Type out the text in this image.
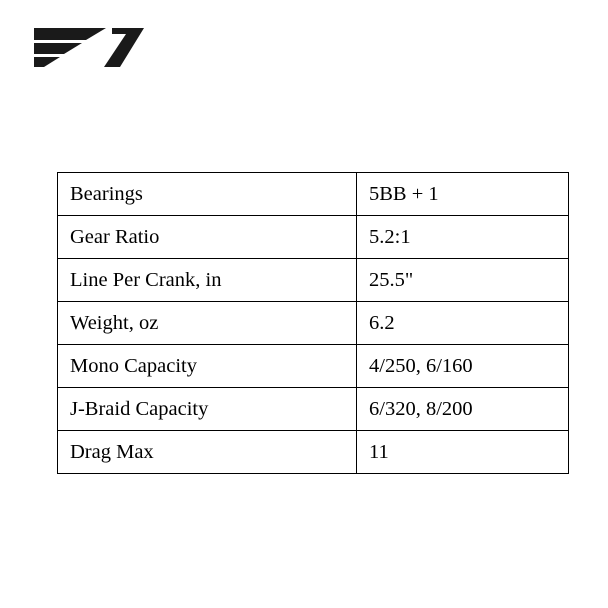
Bearings	5BB + 1
Gear Ratio	5.2:1
Line Per Crank, in	25.5"
Weight, oz	6.2
Mono Capacity	4/250, 6/160
J-Braid Capacity	6/320, 8/200
Drag Max	11
